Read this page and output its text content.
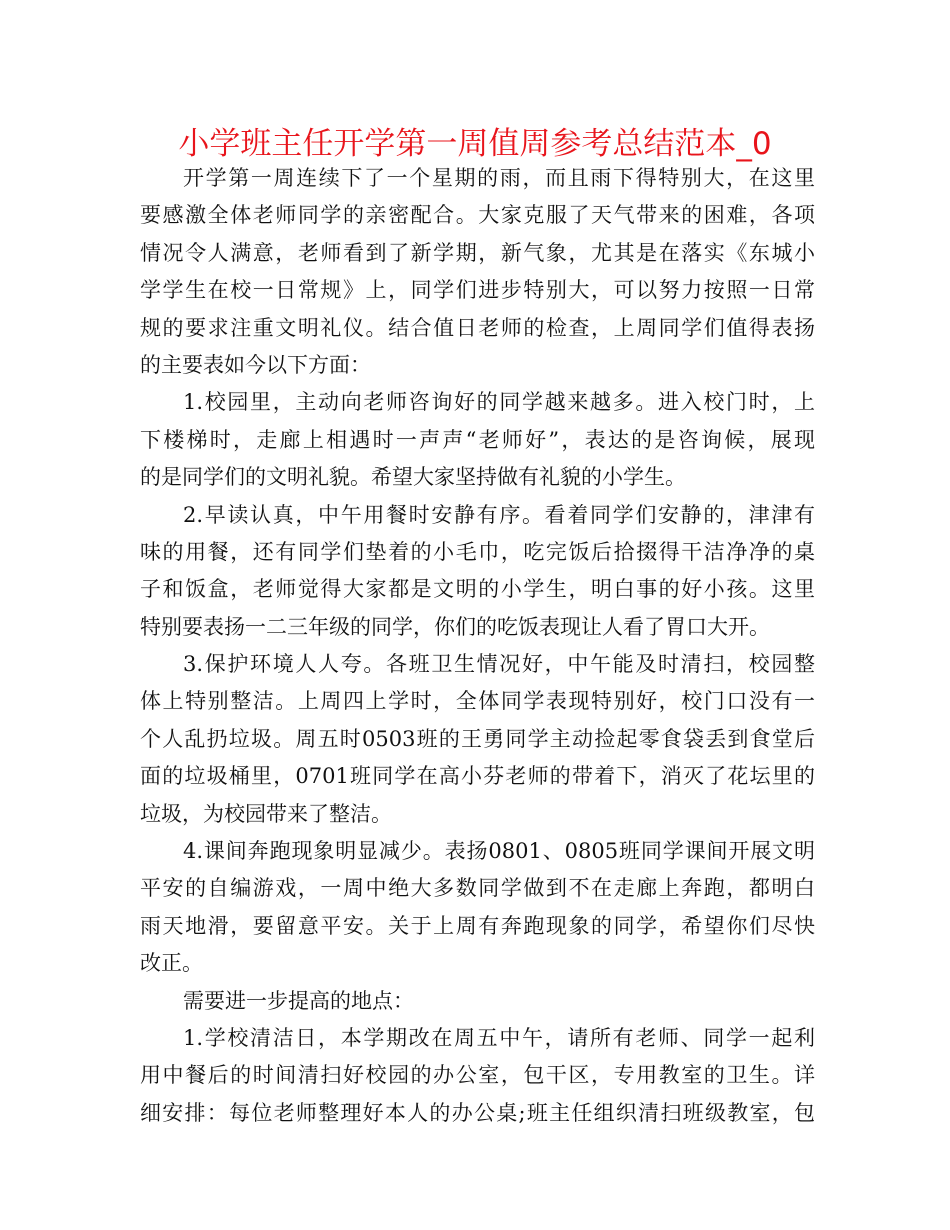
小学班主任开学第一周值周参考总结范本_0
开学第一周连续下了一个星期的雨，而且雨下得特别大，在这里
要感激全体老师同学的亲密配合。大家克服了天气带来的困难，各项
情况令人满意，老师看到了新学期，新气象，尤其是在落实《东城小
学学生在校一日常规》上，同学们进步特别大，可以努力按照一日常
规的要求注重文明礼仪。结合值日老师的检查，上周同学们值得表扬
的主要表如今以下方面：
1.校园里，主动向老师咨询好的同学越来越多。进入校门时，上
下楼梯时，走廊上相遇时一声声“老师好”，表达的是咨询候，展现
的是同学们的文明礼貌。希望大家坚持做有礼貌的小学生。
2.早读认真，中午用餐时安静有序。看着同学们安静的，津津有
味的用餐，还有同学们垫着的小毛巾，吃完饭后拾掇得干洁净净的桌
子和饭盒，老师觉得大家都是文明的小学生，明白事的好小孩。这里
特别要表扬一二三年级的同学，你们的吃饭表现让人看了胃口大开。
3.保护环境人人夸。各班卫生情况好，中午能及时清扫，校园整
体上特别整洁。上周四上学时，全体同学表现特别好，校门口没有一
个人乱扔垃圾。周五时0503班的王勇同学主动捡起零食袋丢到食堂后
面的垃圾桶里，0701班同学在高小芬老师的带着下，消灭了花坛里的
垃圾，为校园带来了整洁。
4.课间奔跑现象明显减少。表扬0801、0805班同学课间开展文明
平安的自编游戏，一周中绝大多数同学做到不在走廊上奔跑，都明白
雨天地滑，要留意平安。关于上周有奔跑现象的同学，希望你们尽快
改正。
需要进一步提高的地点：
1.学校清洁日，本学期改在周五中午，请所有老师、同学一起利
用中餐后的时间清扫好校园的办公室，包干区，专用教室的卫生。详
细安排：每位老师整理好本人的办公桌;班主任组织清扫班级教室，包
